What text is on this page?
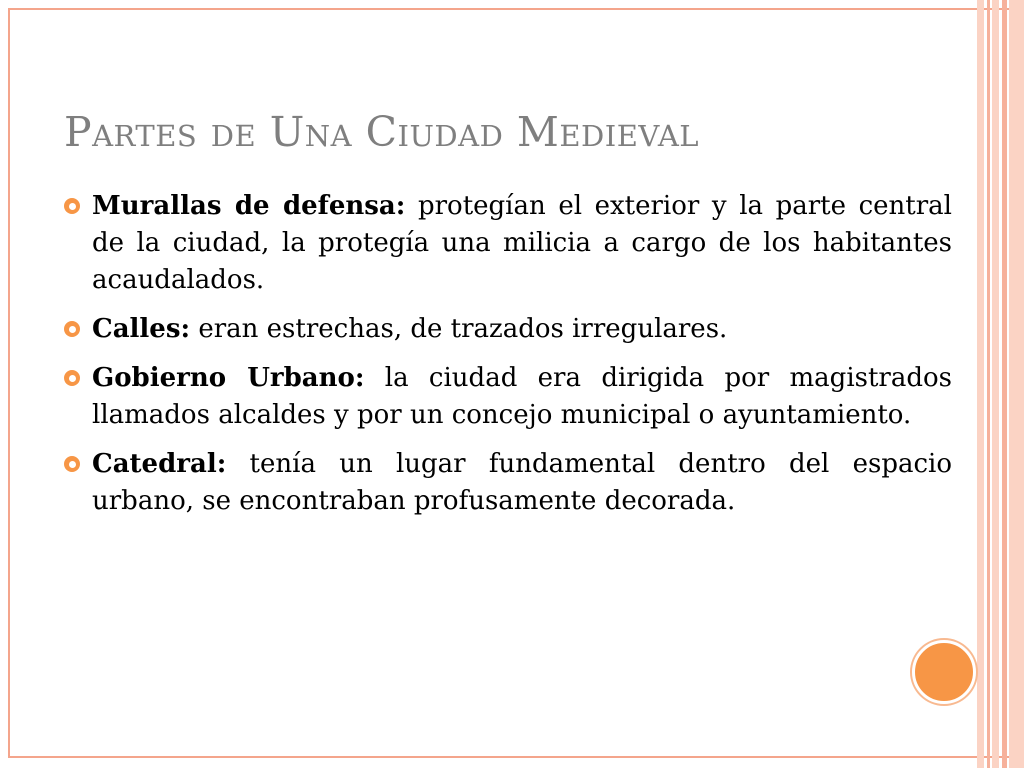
Partes de Una Ciudad Medieval
Murallas de defensa: protegían el exterior y la parte central de la ciudad, la protegía una milicia a cargo de los habitantes acaudalados.
Calles: eran estrechas, de trazados irregulares.
Gobierno Urbano: la ciudad era dirigida por magistrados llamados alcaldes y por un concejo municipal o ayuntamiento.
Catedral: tenía un lugar fundamental dentro del espacio urbano, se encontraban profusamente decorada.
